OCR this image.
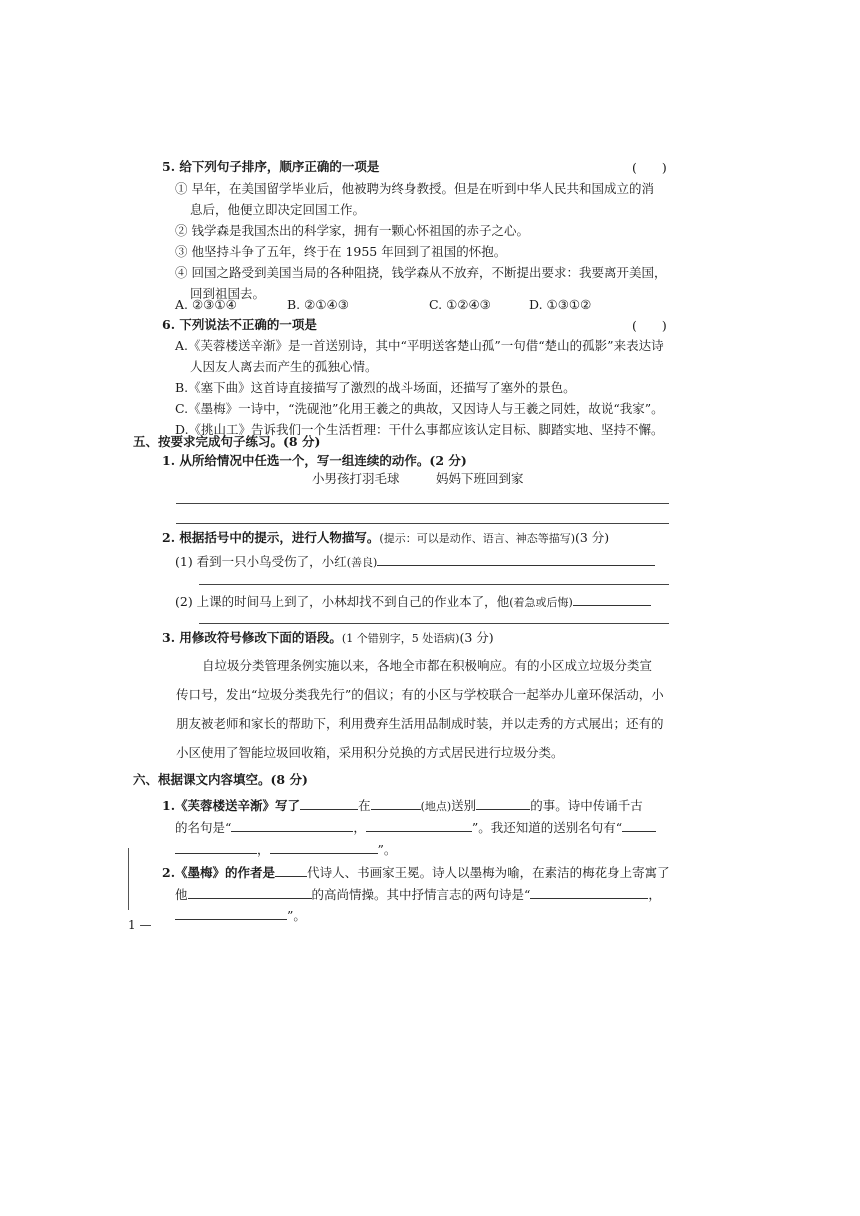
5. 给下列句子排序，顺序正确的一项是	(　　)
① 早年，在美国留学毕业后，他被聘为终身教授。但是在听到中华人民共和国成立的消
息后，他便立即决定回国工作。
② 钱学森是我国杰出的科学家，拥有一颗心怀祖国的赤子之心。
③ 他坚持斗争了五年，终于在 1955 年回到了祖国的怀抱。
④ 回国之路受到美国当局的各种阻挠，钱学森从不放弃，不断提出要求：我要离开美国，
回到祖国去。
A. ②③①④	B. ②①④③	C. ①②④③	D. ①③①②
6. 下列说法不正确的一项是	(　　)
A.《芙蓉楼送辛渐》是一首送别诗，其中“平明送客楚山孤”一句借“楚山的孤影”来表达诗
人因友人离去而产生的孤独心情。
B.《塞下曲》这首诗直接描写了激烈的战斗场面，还描写了塞外的景色。
C.《墨梅》一诗中，“洗砚池”化用王羲之的典故，又因诗人与王羲之同姓，故说“我家”。
D.《挑山工》告诉我们一个生活哲理：干什么事都应该认定目标、脚踏实地、坚持不懈。
五、按要求完成句子练习。(8 分)
1. 从所给情况中任选一个，写一组连续的动作。(2 分)
小男孩打羽毛球	妈妈下班回到家
2. 根据括号中的提示，进行人物描写。(提示：可以是动作、语言、神态等描写)(3 分)
(1) 看到一只小鸟受伤了，小红(善良)
(2) 上课的时间马上到了，小林却找不到自己的作业本了，他(着急或后悔)
3. 用修改符号修改下面的语段。(1 个错别字，5 处语病)(3 分)
自垃圾分类管理条例实施以来，各地全市都在积极响应。有的小区成立垃圾分类宣
传口号，发出“垃圾分类我先行”的倡议；有的小区与学校联合一起举办儿童环保活动，小
朋友被老师和家长的帮助下，利用费弃生活用品制成时装，并以走秀的方式展出；还有的
小区使用了智能垃圾回收箱，采用积分兑换的方式居民进行垃圾分类。
六、根据课文内容填空。(8 分)
1.《芙蓉楼送辛渐》写了	在	(地点)送别	的事。诗中传诵千古
的名句是“	，	”。我还知道的送别名句有“
，	”。
2.《墨梅》的作者是	代诗人、书画家王冕。诗人以墨梅为喻，在素洁的梅花身上寄寓了
他	的高尚情操。其中抒情言志的两句诗是“	，
”。
1 —
